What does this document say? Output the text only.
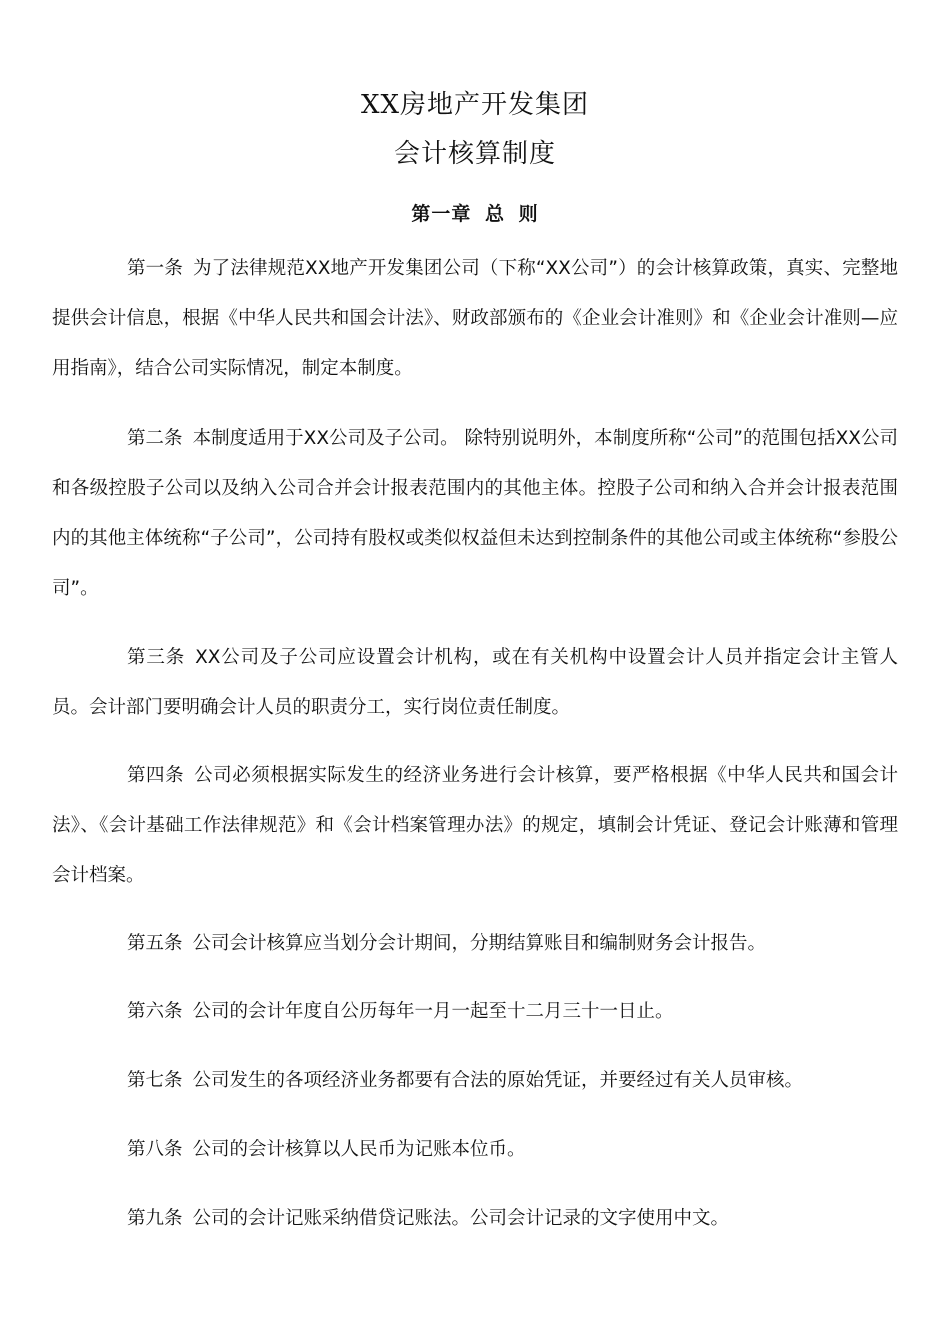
XX房地产开发集团
会计核算制度
第一章 总 则

第一条 为了法律规范XX地产开发集团公司（下称“XX公司”）的会计核算政策，真实、完整地提供会计信息，根据《中华人民共和国会计法》、财政部颁布的《企业会计准则》和《企业会计准则—应用指南》，结合公司实际情况，制定本制度。

第二条 本制度适用于XX公司及子公司。 除特别说明外，本制度所称“公司”的范围包括XX公司和各级控股子公司以及纳入公司合并会计报表范围内的其他主体。控股子公司和纳入合并会计报表范围内的其他主体统称“子公司”，公司持有股权或类似权益但未达到控制条件的其他公司或主体统称“参股公司”。

第三条 XX公司及子公司应设置会计机构，或在有关机构中设置会计人员并指定会计主管人员。会计部门要明确会计人员的职责分工，实行岗位责任制度。

第四条 公司必须根据实际发生的经济业务进行会计核算，要严格根据《中华人民共和国会计法》、《会计基础工作法律规范》和《会计档案管理办法》的规定，填制会计凭证、登记会计账薄和管理会计档案。

第五条 公司会计核算应当划分会计期间，分期结算账目和编制财务会计报告。

第六条 公司的会计年度自公历每年一月一起至十二月三十一日止。

第七条 公司发生的各项经济业务都要有合法的原始凭证，并要经过有关人员审核。

第八条 公司的会计核算以人民币为记账本位币。

第九条 公司的会计记账采纳借贷记账法。公司会计记录的文字使用中文。
